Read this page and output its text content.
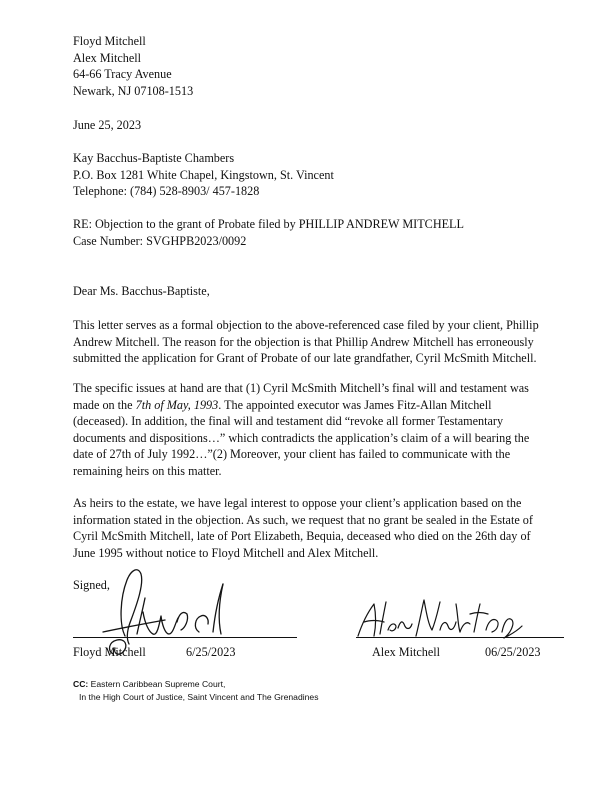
Floyd Mitchell
Alex Mitchell
64-66 Tracy Avenue
Newark, NJ 07108-1513
June 25, 2023
Kay Bacchus-Baptiste Chambers
P.O. Box 1281 White Chapel, Kingstown, St. Vincent
Telephone: (784) 528-8903/ 457-1828
RE: Objection to the grant of Probate filed by PHILLIP ANDREW MITCHELL
Case Number: SVGHPB2023/0092
Dear Ms. Bacchus-Baptiste,
This letter serves as a formal objection to the above-referenced case filed by your client, Phillip
Andrew Mitchell. The reason for the objection is that Phillip Andrew Mitchell has erroneously
submitted the application for Grant of Probate of our late grandfather, Cyril McSmith Mitchell.
The specific issues at hand are that (1) Cyril McSmith Mitchell’s final will and testament was
made on the 7th of May, 1993. The appointed executor was James Fitz-Allan Mitchell
(deceased). In addition, the final will and testament did “revoke all former Testamentary
documents and dispositions…” which contradicts the application’s claim of a will bearing the
date of 27th of July 1992…”(2) Moreover, your client has failed to communicate with the
remaining heirs on this matter.
As heirs to the estate, we have legal interest to oppose your client’s application based on the
information stated in the objection. As such, we request that no grant be sealed in the Estate of
Cyril McSmith Mitchell, late of Port Elizabeth, Bequia, deceased who died on the 26th day of
June 1995 without notice to Floyd Mitchell and Alex Mitchell.
Signed,
Floyd Mitchell	6/25/2023	Alex Mitchell	06/25/2023
CC: Eastern Caribbean Supreme Court,
In the High Court of Justice, Saint Vincent and The Grenadines
